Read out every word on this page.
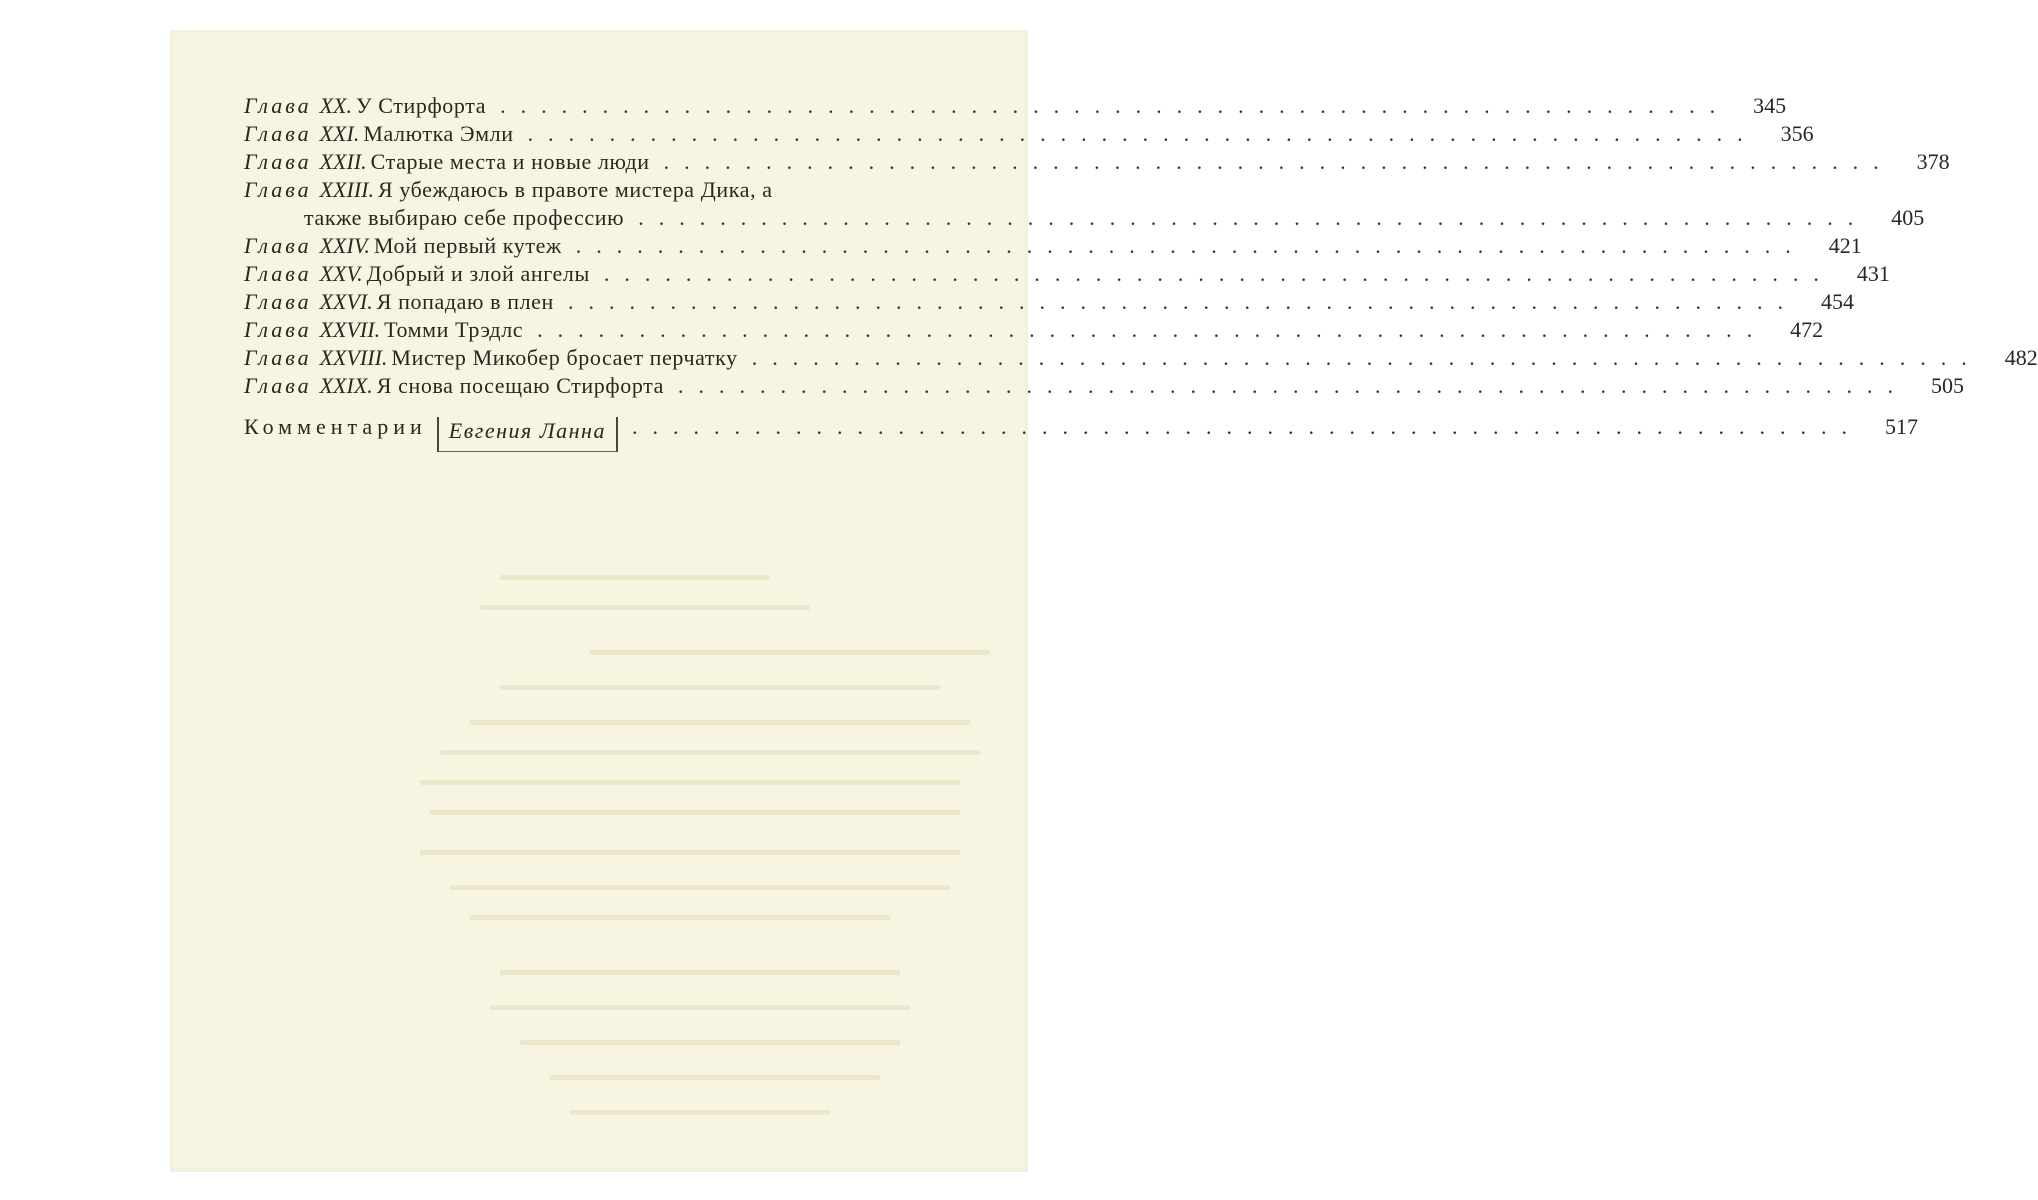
Глава XX. У Стирфорта ............................................................	345
Глава XXI. Малютка Эмли ............................................................	356
Глава XXII. Старые места и новые люди ............................................................	378
Глава XXIII. Я убеждаюсь в правоте мистера Дика, а
также выбираю себе профессию ............................................................	405
Глава XXIV. Мой первый кутеж ............................................................	421
Глава XXV. Добрый и злой ангелы ............................................................	431
Глава XXVI. Я попадаю в плен ............................................................	454
Глава XXVII. Томми Трэдлс ............................................................	472
Глава XXVIII. Мистер Микобер бросает перчатку ............................................................	482
Глава XXIX. Я снова посещаю Стирфорта ............................................................	505
Комментарии	Евгения Ланна	............................................................	517
